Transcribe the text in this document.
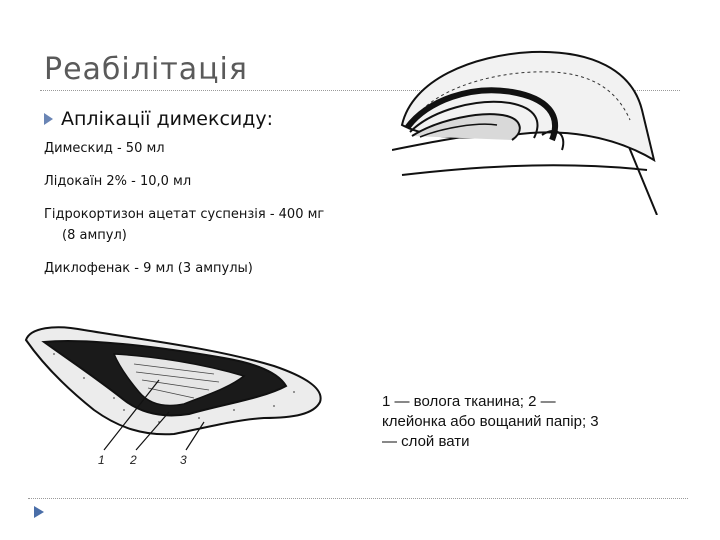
Реабілітація
Аплікації димексиду:
Димескид - 50 мл
Лідокаїн 2% - 10,0 мл
Гідрокортизон ацетат суспензія - 400 мг
(8 ампул)
Диклофенак - 9 мл (3 ампулы)
1 2	3
1 — волога тканина; 2 — клейонка або вощаний папір; 3 — слой вати
